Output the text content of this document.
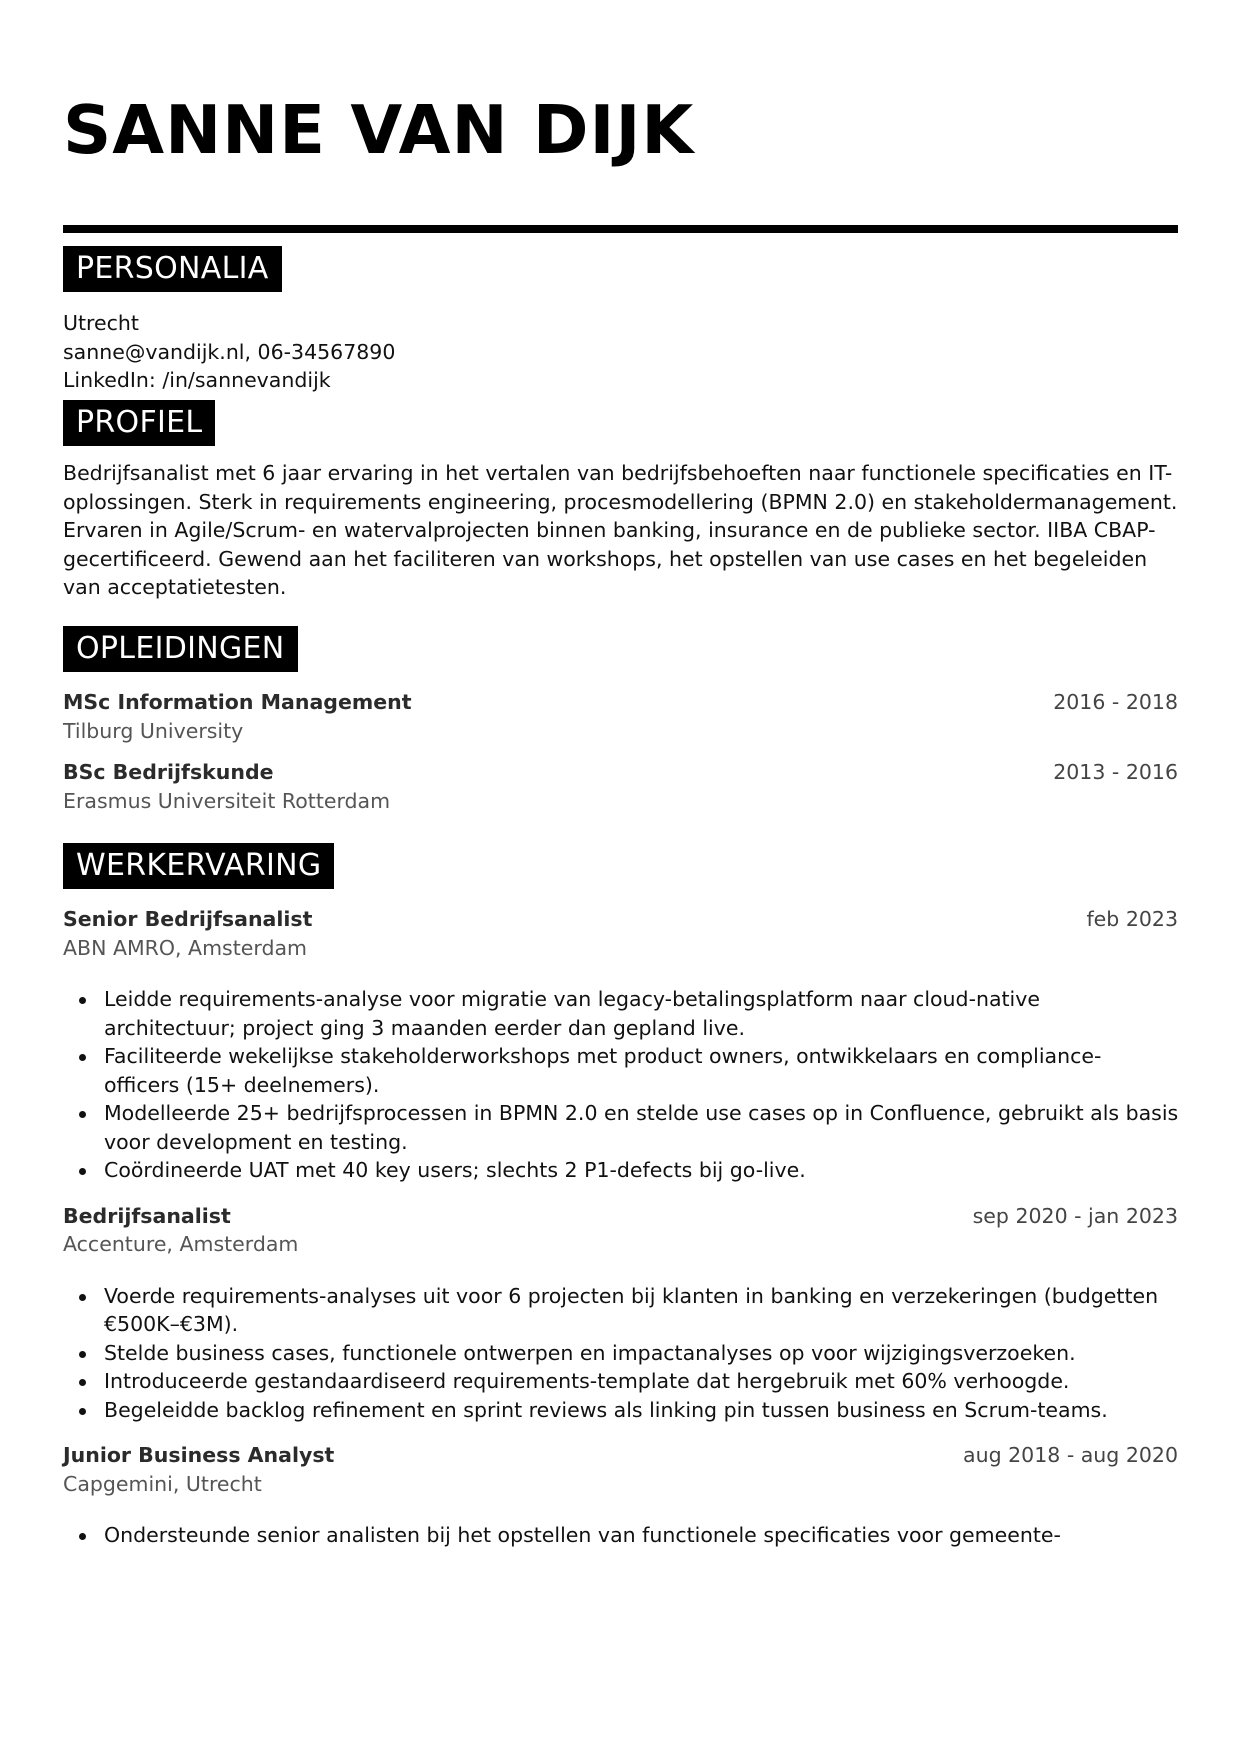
SANNE VAN DIJK
PERSONALIA
Utrecht
sanne@vandijk.nl, 06-34567890
LinkedIn: /in/sannevandijk
PROFIEL
Bedrijfsanalist met 6 jaar ervaring in het vertalen van bedrijfsbehoeften naar functionele specificaties en IT-
oplossingen. Sterk in requirements engineering, procesmodellering (BPMN 2.0) en stakeholdermanagement.
Ervaren in Agile/Scrum- en watervalprojecten binnen banking, insurance en de publieke sector. IIBA CBAP-
gecertificeerd. Gewend aan het faciliteren van workshops, het opstellen van use cases en het begeleiden
van acceptatietesten.
OPLEIDINGEN
MSc Information Management	2016 - 2018
Tilburg University
BSc Bedrijfskunde	2013 - 2016
Erasmus Universiteit Rotterdam
WERKERVARING
Senior Bedrijfsanalist	feb 2023
ABN AMRO, Amsterdam
Leidde requirements-analyse voor migratie van legacy-betalingsplatform naar cloud-native
architectuur; project ging 3 maanden eerder dan gepland live.
Faciliteerde wekelijkse stakeholderworkshops met product owners, ontwikkelaars en compliance-
officers (15+ deelnemers).
Modelleerde 25+ bedrijfsprocessen in BPMN 2.0 en stelde use cases op in Confluence, gebruikt als basis
voor development en testing.
Coördineerde UAT met 40 key users; slechts 2 P1-defects bij go-live.
Bedrijfsanalist	sep 2020 - jan 2023
Accenture, Amsterdam
Voerde requirements-analyses uit voor 6 projecten bij klanten in banking en verzekeringen (budgetten
€500K–€3M).
Stelde business cases, functionele ontwerpen en impactanalyses op voor wijzigingsverzoeken.
Introduceerde gestandaardiseerd requirements-template dat hergebruik met 60% verhoogde.
Begeleidde backlog refinement en sprint reviews als linking pin tussen business en Scrum-teams.
Junior Business Analyst	aug 2018 - aug 2020
Capgemini, Utrecht
Ondersteunde senior analisten bij het opstellen van functionele specificaties voor gemeente-
